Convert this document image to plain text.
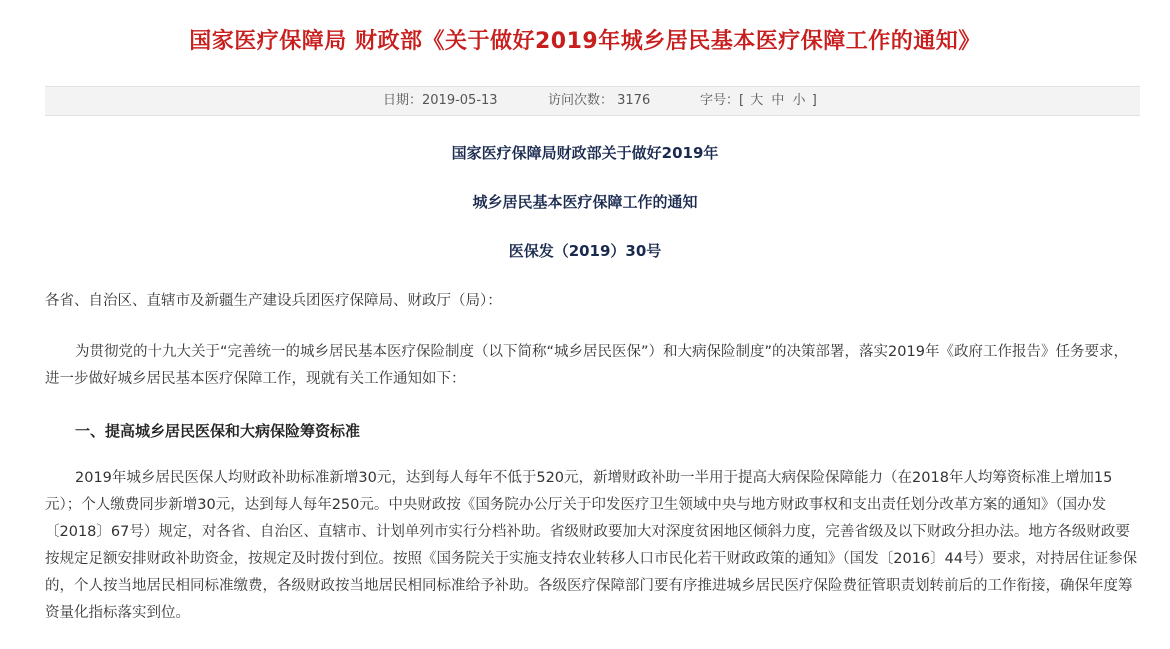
国家医疗保障局 财政部《关于做好2019年城乡居民基本医疗保障工作的通知》
日期：2019-05-13	访问次数： 3176	字号：[ 大 中 小 ]
国家医疗保障局财政部关于做好2019年
城乡居民基本医疗保障工作的通知
医保发（2019）30号

各省、自治区、直辖市及新疆生产建设兵团医疗保障局、财政厅（局）：

为贯彻党的十九大关于“完善统一的城乡居民基本医疗保险制度（以下简称“城乡居民医保”）和大病保险制度”的决策部署，落实2019年《政府工作报告》任务要求，进一步做好城乡居民基本医疗保障工作，现就有关工作通知如下：

一、提高城乡居民医保和大病保险筹资标准

2019年城乡居民医保人均财政补助标准新增30元，达到每人每年不低于520元，新增财政补助一半用于提高大病保险保障能力（在2018年人均筹资标准上增加15元）；个人缴费同步新增30元，达到每人每年250元。中央财政按《国务院办公厅关于印发医疗卫生领域中央与地方财政事权和支出责任划分改革方案的通知》（国办发〔2018〕67号）规定，对各省、自治区、直辖市、计划单列市实行分档补助。省级财政要加大对深度贫困地区倾斜力度，完善省级及以下财政分担办法。地方各级财政要按规定足额安排财政补助资金，按规定及时拨付到位。按照《国务院关于实施支持农业转移人口市民化若干财政政策的通知》（国发〔2016〕44号）要求，对持居住证参保的，个人按当地居民相同标准缴费，各级财政按当地居民相同标准给予补助。各级医疗保障部门要有序推进城乡居民医疗保险费征管职责划转前后的工作衔接，确保年度筹资量化指标落实到位。
